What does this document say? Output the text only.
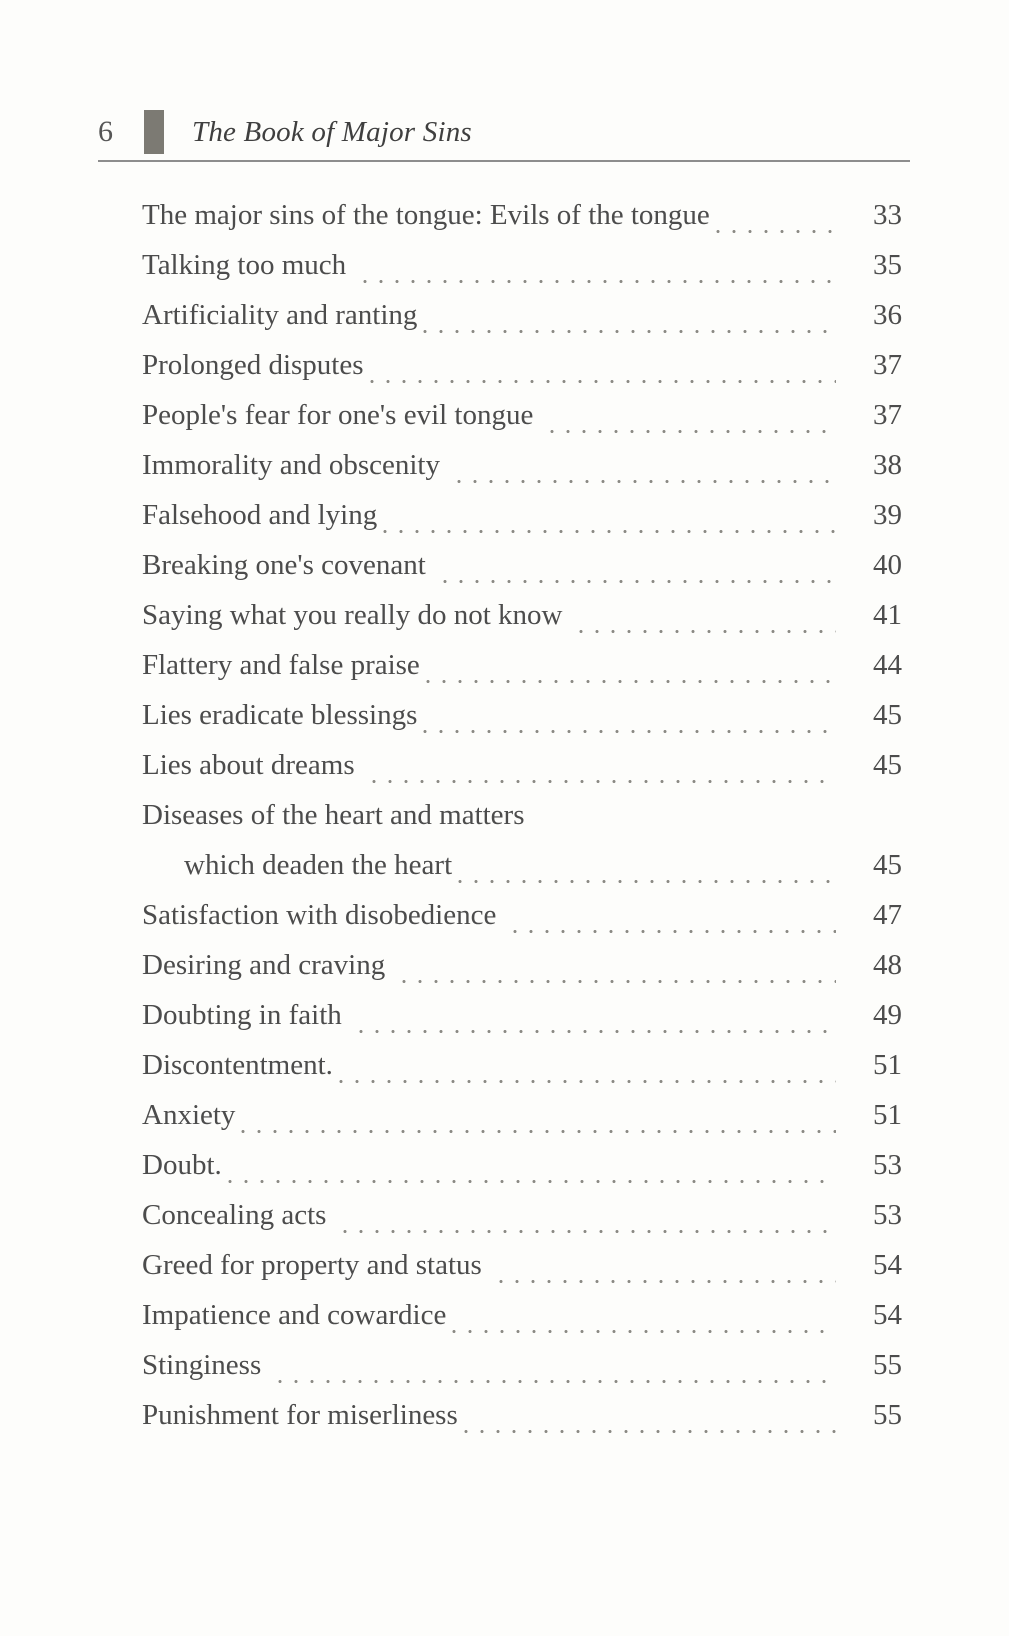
6	The Book of Major Sins
The major sins of the tongue: Evils of the tongue	33
Talking too much	35
Artificiality and ranting	36
Prolonged disputes	37
People's fear for one's evil tongue	37
Immorality and obscenity	38
Falsehood and lying	39
Breaking one's covenant	40
Saying what you really do not know	41
Flattery and false praise	44
Lies eradicate blessings	45
Lies about dreams	45
Diseases of the heart and matters
which deaden the heart	45
Satisfaction with disobedience	47
Desiring and craving	48
Doubting in faith	49
Discontentment.	51
Anxiety	51
Doubt.	53
Concealing acts	53
Greed for property and status	54
Impatience and cowardice	54
Stinginess	55
Punishment for miserliness	55
